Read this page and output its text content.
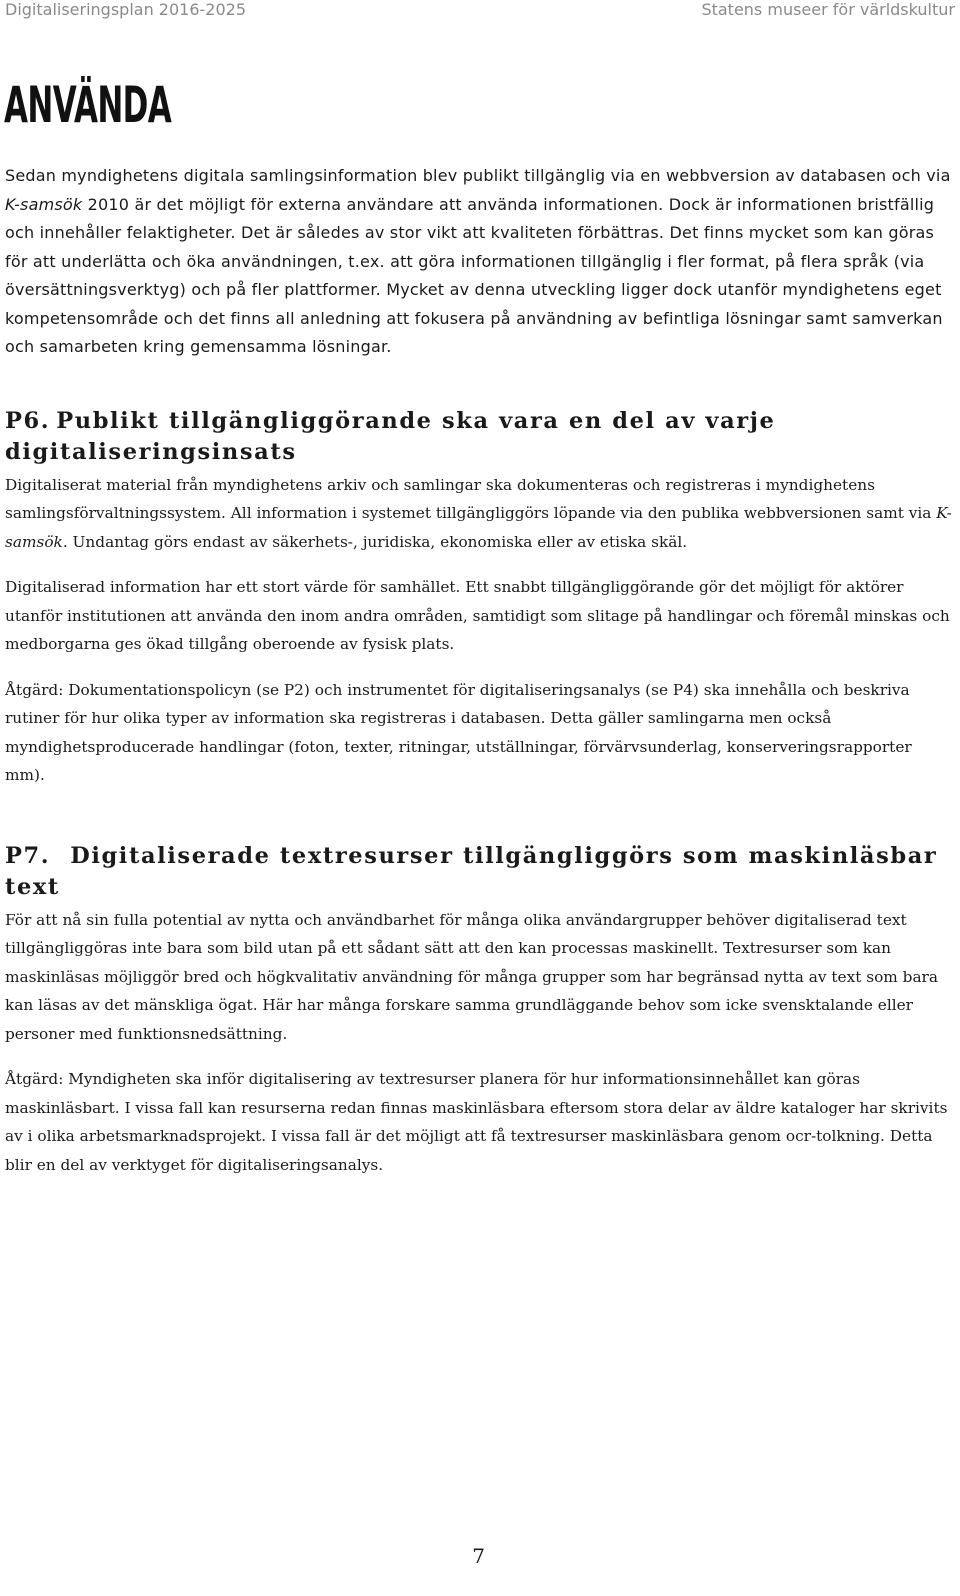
Digitaliseringsplan 2016-2025	Statens museer för världskultur
ANVÄNDA

Sedan myndighetens digitala samlingsinformation blev publikt tillgänglig via en webbversion av databasen och via K-samsök 2010 är det möjligt för externa användare att använda informationen. Dock är informationen bristfällig och innehåller felaktigheter. Det är således av stor vikt att kvaliteten förbättras. Det finns mycket som kan göras för att underlätta och öka användningen, t.ex. att göra informationen tillgänglig i fler format, på flera språk (via översättningsverktyg) och på fler plattformer. Mycket av denna utveckling ligger dock utanför myndighetens eget kompetensområde och det finns all anledning att fokusera på användning av befintliga lösningar samt samverkan och samarbeten kring gemensamma lösningar.

P6. Publikt tillgängliggörande ska vara en del av varje digitaliseringsinsats

Digitaliserat material från myndighetens arkiv och samlingar ska dokumenteras och registreras i myndighetens samlingsförvaltningssystem. All information i systemet tillgängliggörs löpande via den publika webbversionen samt via K-samsök. Undantag görs endast av säkerhets-, juridiska, ekonomiska eller av etiska skäl.

Digitaliserad information har ett stort värde för samhället. Ett snabbt tillgängliggörande gör det möjligt för aktörer utanför institutionen att använda den inom andra områden, samtidigt som slitage på handlingar och föremål minskas och medborgarna ges ökad tillgång oberoende av fysisk plats.

Åtgärd: Dokumentationspolicyn (se P2) och instrumentet för digitaliseringsanalys (se P4) ska innehålla och beskriva rutiner för hur olika typer av information ska registreras i databasen. Detta gäller samlingarna men också myndighetsproducerade handlingar (foton, texter, ritningar, utställningar, förvärvsunderlag, konserveringsrapporter mm).

P7. Digitaliserade textresurser tillgängliggörs som maskinläsbar text

För att nå sin fulla potential av nytta och användbarhet för många olika användargrupper behöver digitaliserad text tillgängliggöras inte bara som bild utan på ett sådant sätt att den kan processas maskinellt. Textresurser som kan maskinläsas möjliggör bred och högkvalitativ användning för många grupper som har begränsad nytta av text som bara kan läsas av det mänskliga ögat. Här har många forskare samma grundläggande behov som icke svensktalande eller personer med funktionsnedsättning.

Åtgärd: Myndigheten ska inför digitalisering av textresurser planera för hur informationsinnehållet kan göras maskinläsbart. I vissa fall kan resurserna redan finnas maskinläsbara eftersom stora delar av äldre kataloger har skrivits av i olika arbetsmarknadsprojekt. I vissa fall är det möjligt att få textresurser maskinläsbara genom ocr-tolkning. Detta blir en del av verktyget för digitaliseringsanalys.

7
